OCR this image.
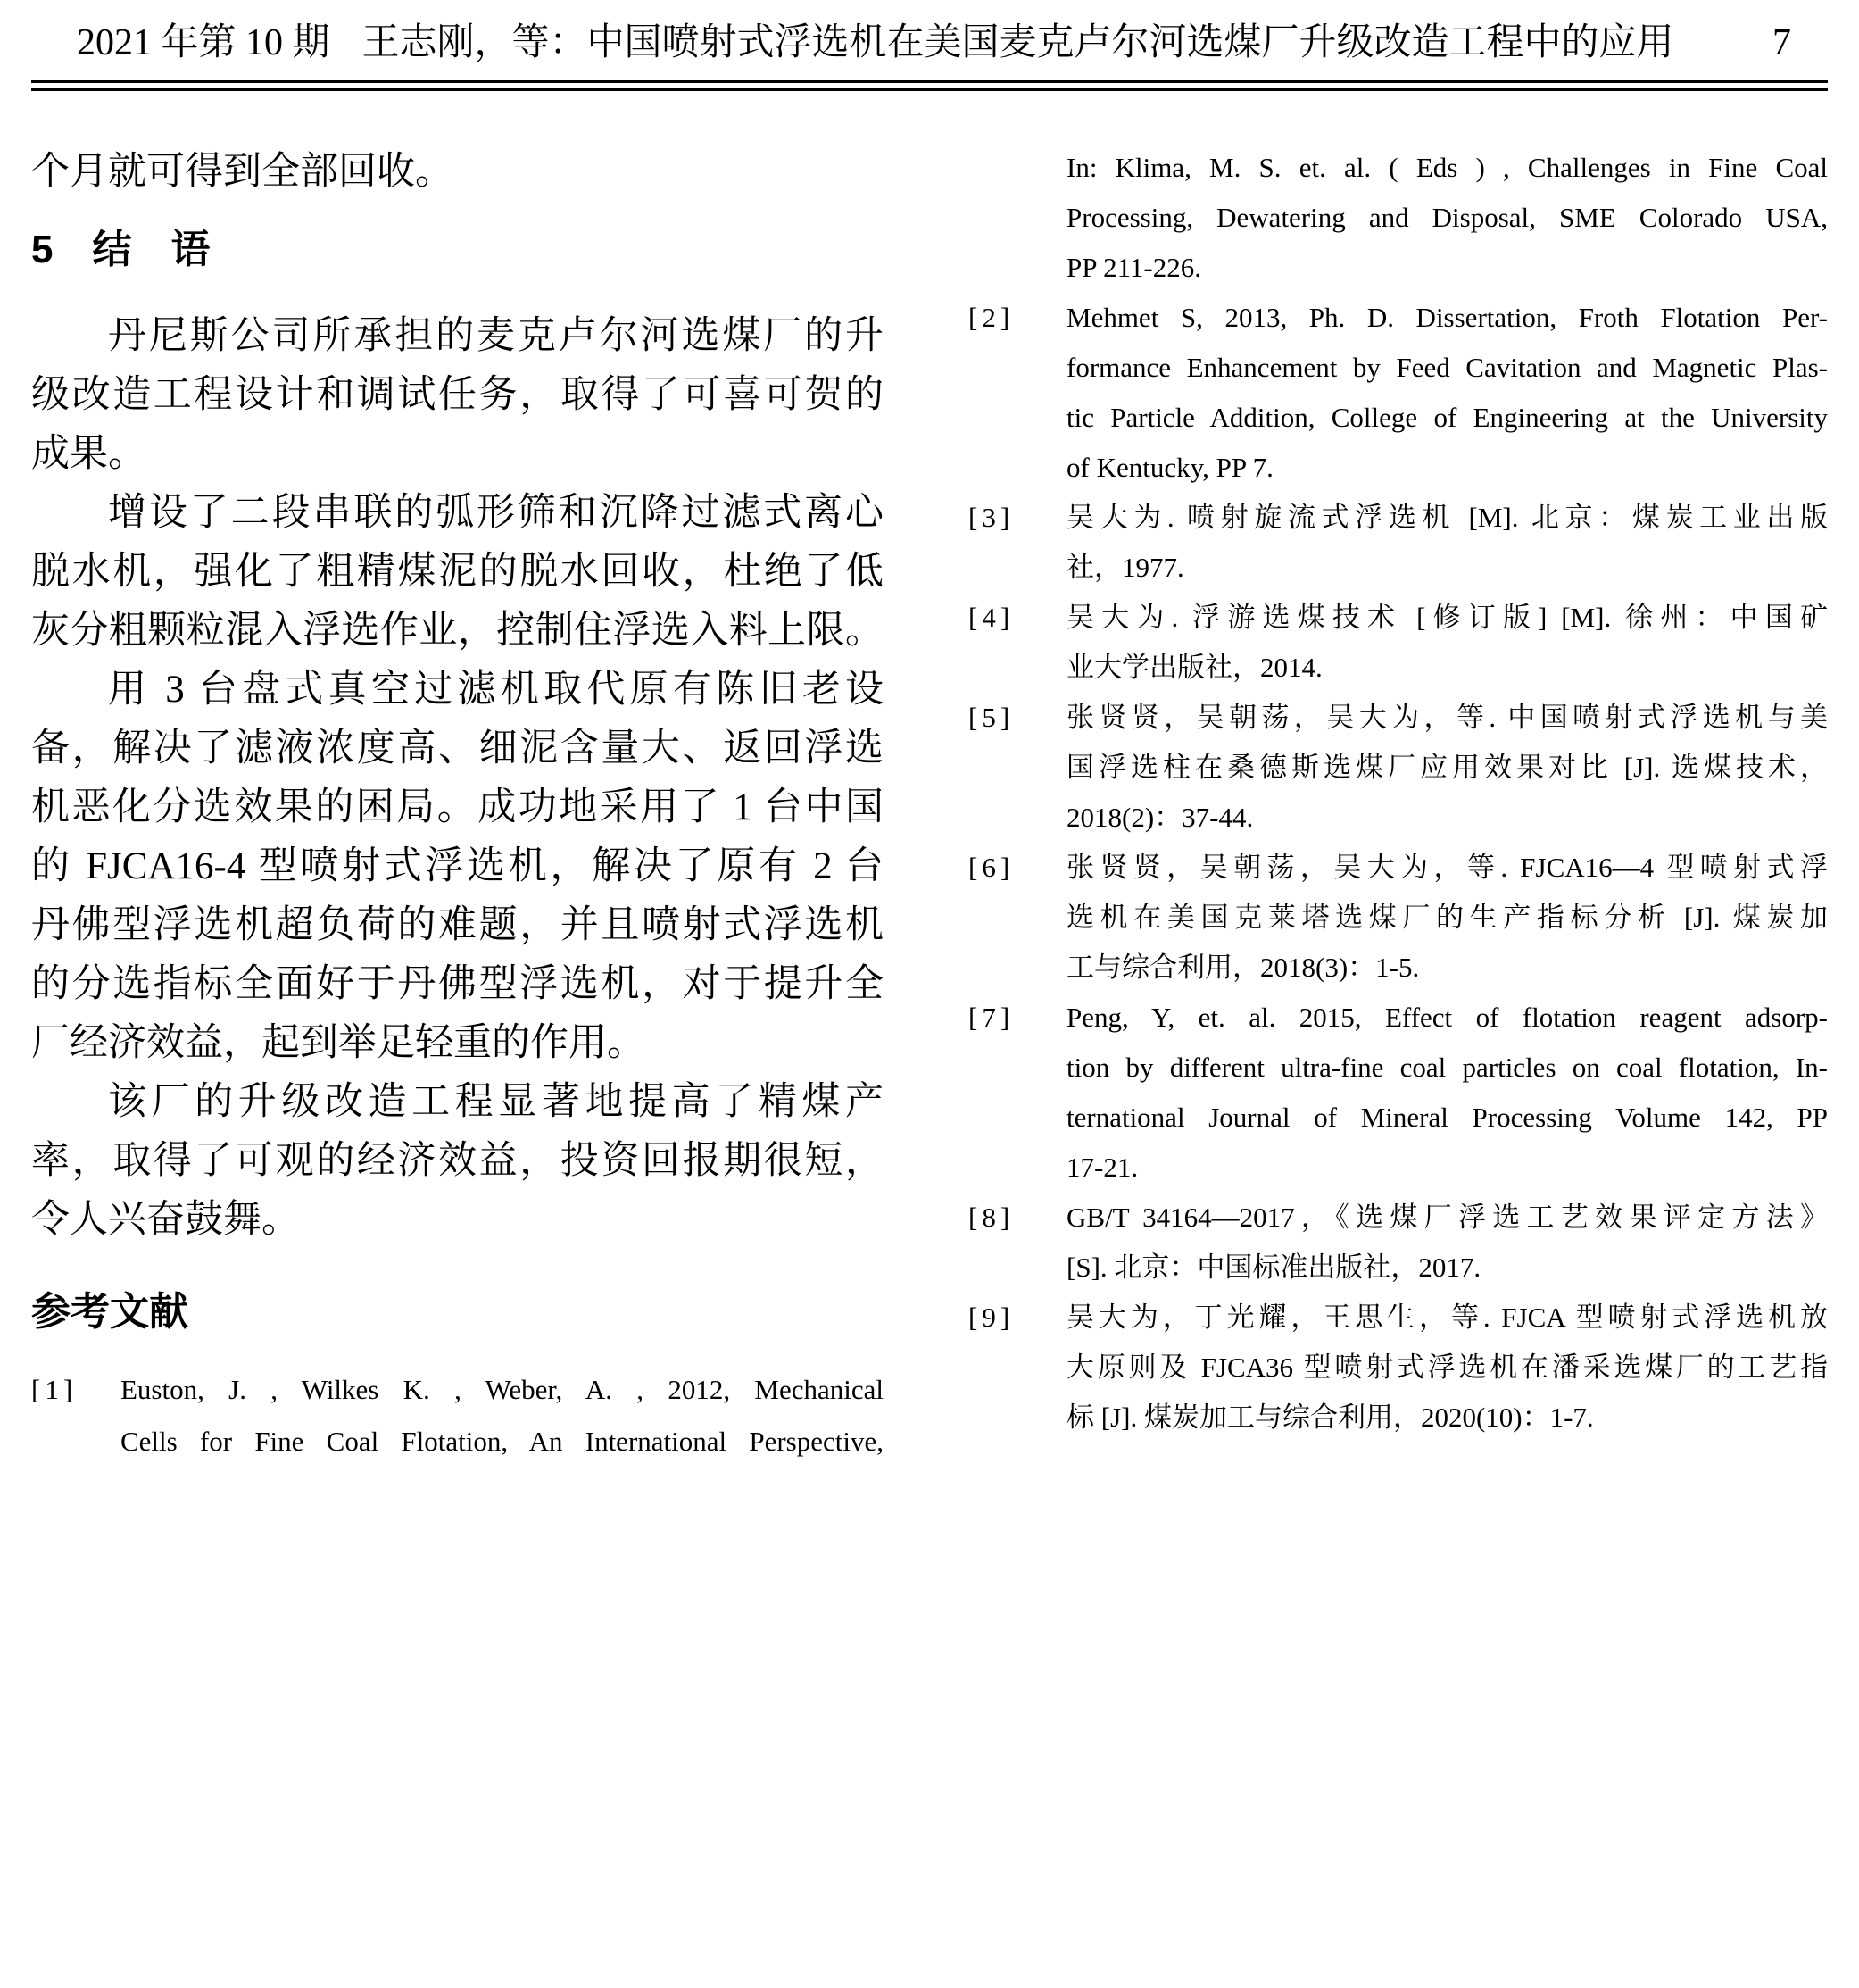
2021 年第 10 期 王志刚，等：中国喷射式浮选机在美国麦克卢尔河选煤厂升级改造工程中的应用	7
个月就可得到全部回收。
5　结　语
丹尼斯公司所承担的麦克卢尔河选煤厂的升
级改造工程设计和调试任务，取得了可喜可贺的
成果。
增设了二段串联的弧形筛和沉降过滤式离心
脱水机，强化了粗精煤泥的脱水回收，杜绝了低
灰分粗颗粒混入浮选作业，控制住浮选入料上限。
用 3 台盘式真空过滤机取代原有陈旧老设
备，解决了滤液浓度高、细泥含量大、返回浮选
机恶化分选效果的困局。成功地采用了 1 台中国
的 FJCA16-4 型喷射式浮选机，解决了原有 2 台
丹佛型浮选机超负荷的难题，并且喷射式浮选机
的分选指标全面好于丹佛型浮选机，对于提升全
厂经济效益，起到举足轻重的作用。
该厂的升级改造工程显著地提高了精煤产
率，取得了可观的经济效益，投资回报期很短，
令人兴奋鼓舞。
参考文献
[1] Euston, J. , Wilkes K. , Weber, A. , 2012, Mechanical
Cells for Fine Coal Flotation, An International Perspective,
In: Klima, M. S. et. al. ( Eds ) , Challenges in Fine Coal
Processing, Dewatering and Disposal, SME Colorado USA,
PP 211-226.
[2] Mehmet S, 2013, Ph. D. Dissertation, Froth Flotation Per-
formance Enhancement by Feed Cavitation and Magnetic Plas-
tic Particle Addition, College of Engineering at the University
of Kentucky, PP 7.
[3] 吴大为. 喷射旋流式浮选机 [M]. 北京：煤炭工业出版
社，1977.
[4] 吴大为. 浮游选煤技术 [修订版] [M]. 徐州：中国矿
业大学出版社，2014.
[5] 张贤贤，吴朝荡，吴大为，等. 中国喷射式浮选机与美
国浮选柱在桑德斯选煤厂应用效果对比 [J]. 选煤技术，
2018(2)：37-44.
[6] 张贤贤，吴朝荡，吴大为，等. FJCA16—4 型喷射式浮
选机在美国克莱塔选煤厂的生产指标分析 [J]. 煤炭加
工与综合利用，2018(3)：1-5.
[7] Peng, Y, et. al. 2015, Effect of flotation reagent adsorp-
tion by different ultra-fine coal particles on coal flotation, In-
ternational Journal of Mineral Processing Volume 142, PP
17-21.
[8] GB/T 34164—2017，《选煤厂浮选工艺效果评定方法》
[S]. 北京：中国标准出版社，2017.
[9] 吴大为，丁光耀，王思生，等. FJCA 型喷射式浮选机放
大原则及 FJCA36 型喷射式浮选机在潘采选煤厂的工艺指
标 [J]. 煤炭加工与综合利用，2020(10)：1-7.
